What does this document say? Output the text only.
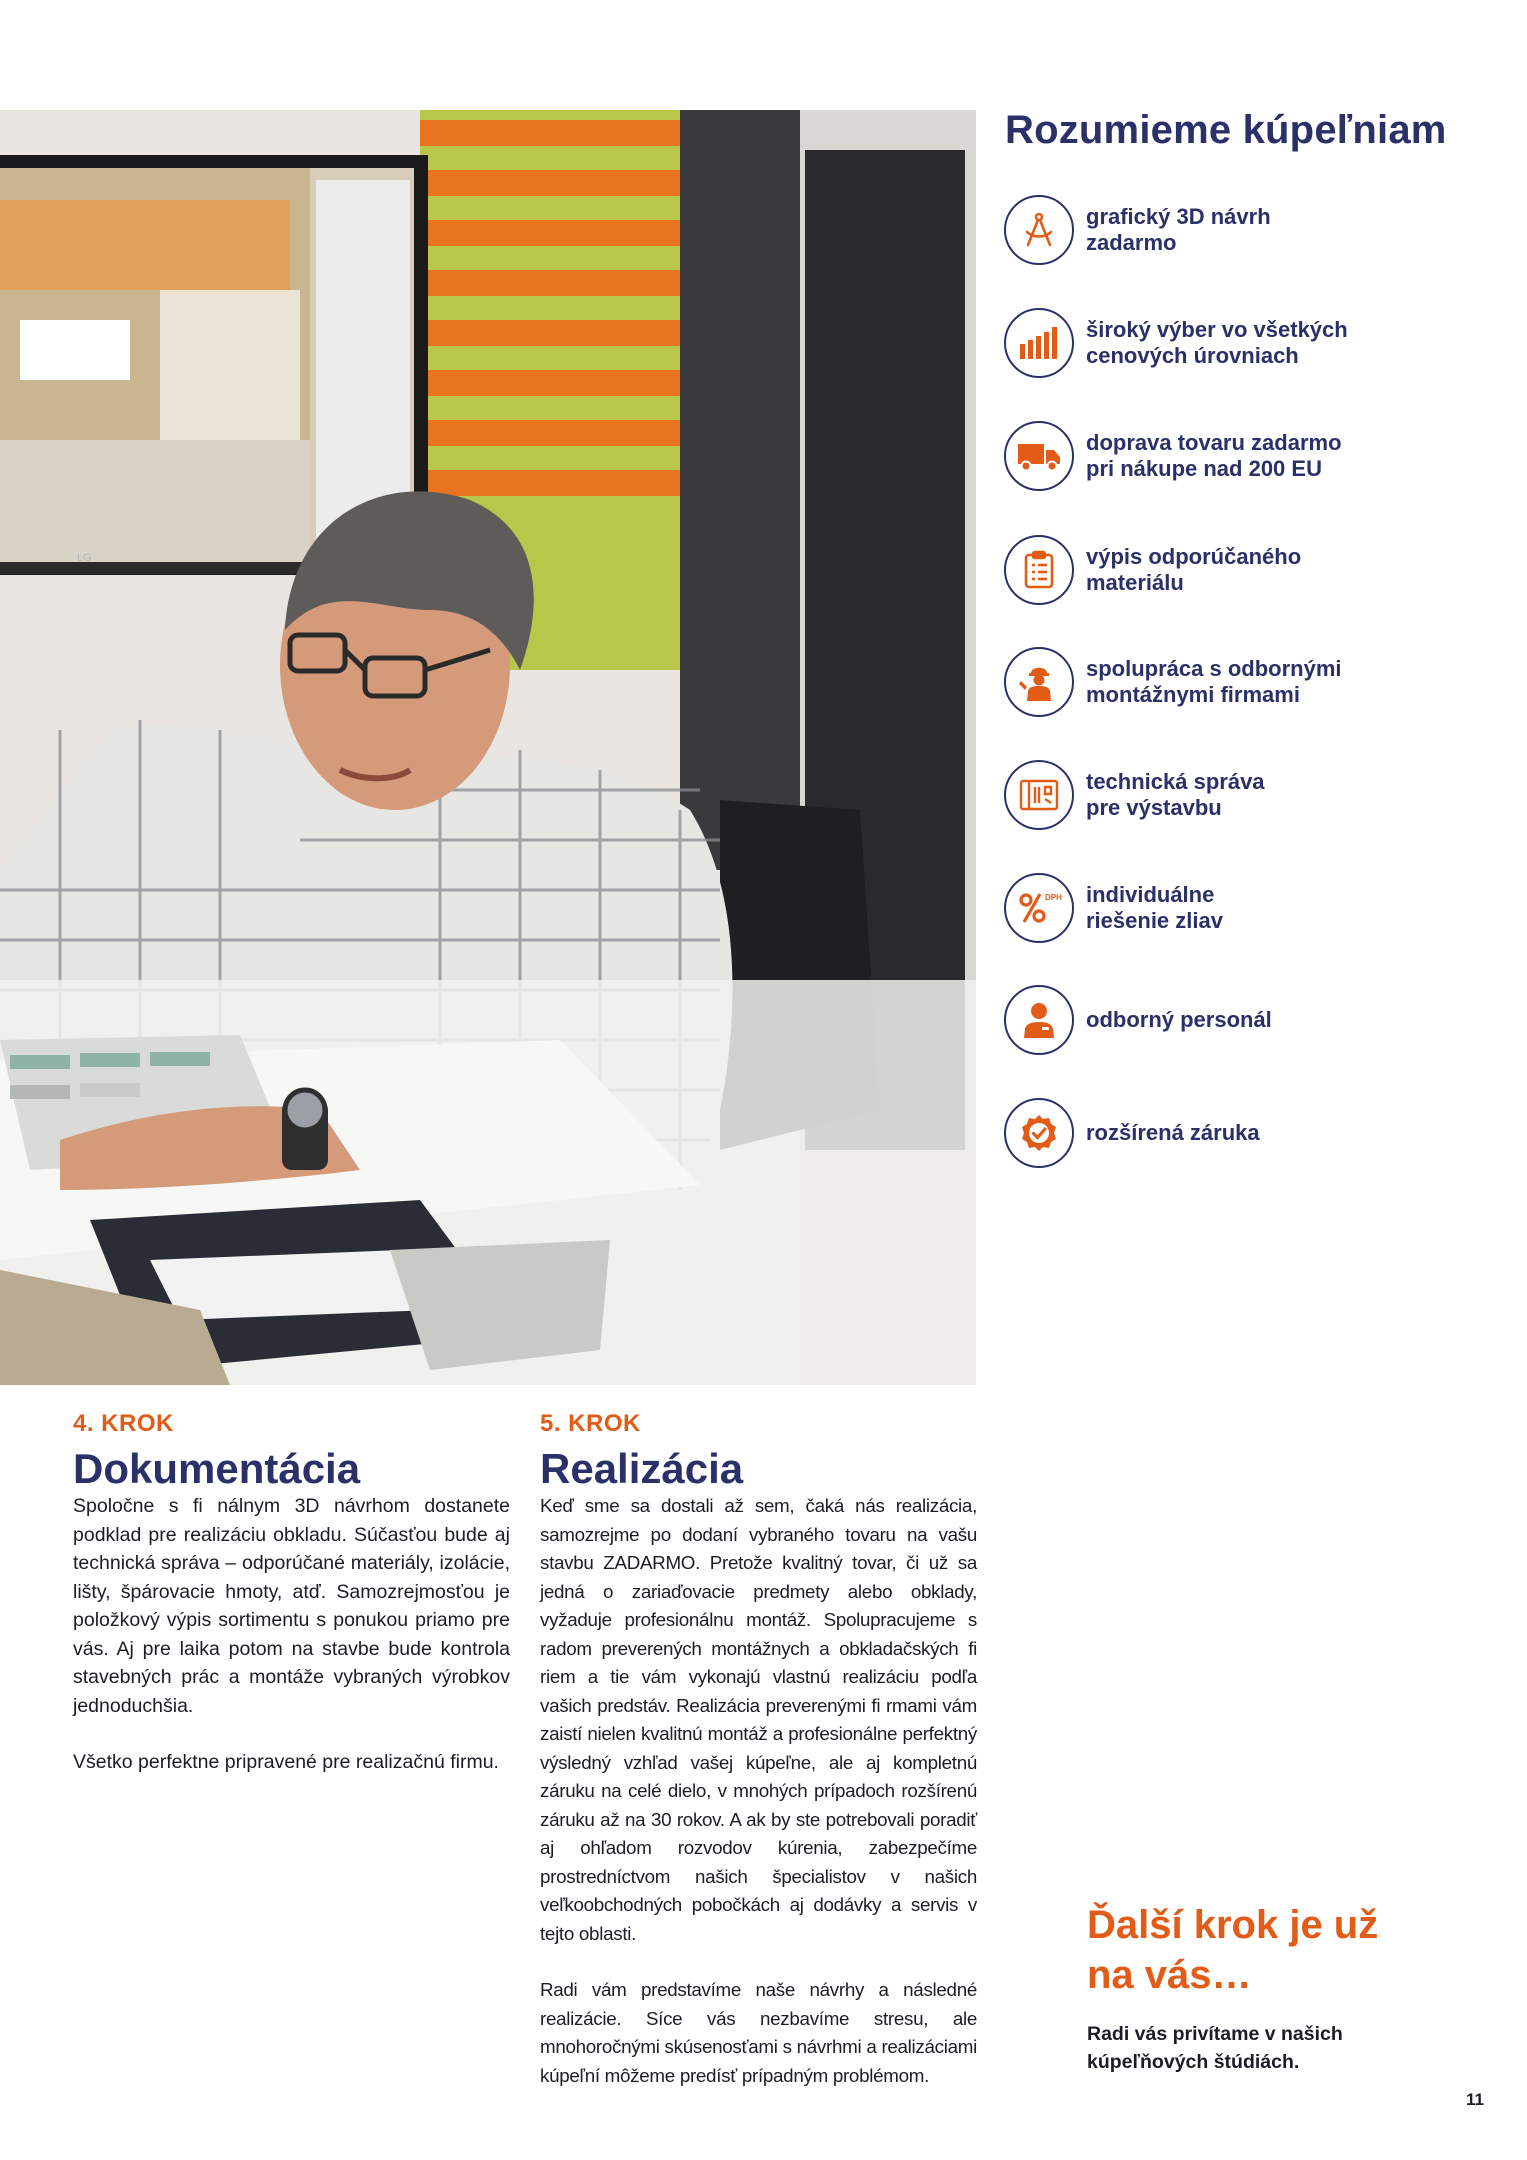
LG
Rozumieme kúpeľniam
grafický 3D návrh
zadarmo
široký výber vo všetkých
cenových úrovniach
doprava tovaru zadarmo
pri nákupe nad 200 EU
výpis odporúčaného
materiálu
spolupráca s odbornými
montážnymi firmami
technická správa
pre výstavbu
DPH individuálne
riešenie zliav
odborný personál
rozšírená záruka
4. KROK
Dokumentácia
Spoločne s fi nálnym 3D návrhom dostanete podklad pre realizáciu obkladu. Súčasťou bude aj technická správa – odporúčané materiály, izolácie, lišty, špárovacie hmoty, atď. Samozrejmosťou je položkový výpis sortimentu s ponukou priamo pre vás. Aj pre laika potom na stavbe bude kontrola stavebných prác a montáže vybraných výrobkov jednoduchšia.
Všetko perfektne pripravené pre realizačnú firmu.
5. KROK
Realizácia
Keď sme sa dostali až sem, čaká nás realizácia, samozrejme po dodaní vybraného tovaru na vašu stavbu ZADARMO. Pretože kvalitný tovar, či už sa jedná o zariaďovacie predmety alebo obklady, vyžaduje profesionálnu montáž. Spolupracujeme s radom preverených montážnych a obkladačských fi riem a tie vám vykonajú vlastnú realizáciu podľa vašich predstáv. Realizácia preverenými fi rmami vám zaistí nielen kvalitnú montáž a profesionálne perfektný výsledný vzhľad vašej kúpeľne, ale aj kompletnú záruku na celé dielo, v mnohých prípadoch rozšírenú záruku až na 30 rokov. A ak by ste potrebovali poradiť aj ohľadom rozvodov kúrenia, zabezpečíme prostredníctvom našich špecialistov v našich veľkoobchodných pobočkách aj dodávky a servis v tejto oblasti.
Radi vám predstavíme naše návrhy a následné realizácie. Síce vás nezbavíme stresu, ale mnohoročnými skúsenosťami s návrhmi a realizáciami kúpeľní môžeme predísť prípadným problémom.
Ďalší krok je už na vás…
Radi vás privítame v našich
kúpeľňových štúdiách.
11
